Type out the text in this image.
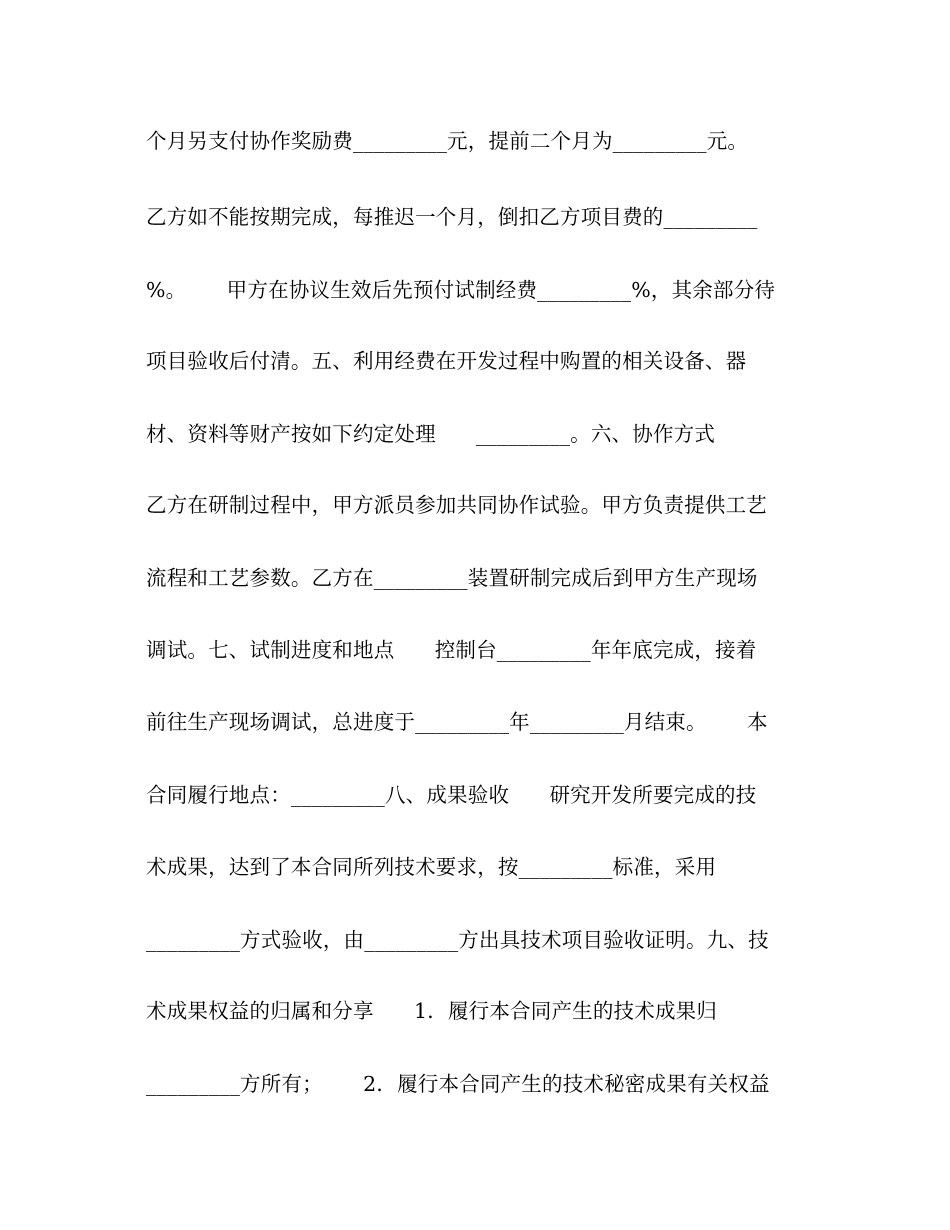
个月另支付协作奖励费_________元，提前二个月为_________元。

乙方如不能按期完成，每推迟一个月，倒扣乙方项目费的_________

%。      甲方在协议生效后先预付试制经费_________%，其余部分待

项目验收后付清。五、利用经费在开发过程中购置的相关设备、器

材、资料等财产按如下约定处理      _________。六、协作方式

乙方在研制过程中，甲方派员参加共同协作试验。甲方负责提供工艺

流程和工艺参数。乙方在_________装置研制完成后到甲方生产现场

调试。七、试制进度和地点      控制台_________年年底完成，接着

前往生产现场调试，总进度于_________年_________月结束。      本

合同履行地点：_________八、成果验收      研究开发所要完成的技

术成果，达到了本合同所列技术要求，按_________标准，采用

_________方式验收，由_________方出具技术项目验收证明。九、技

术成果权益的归属和分享      1．履行本合同产生的技术成果归

_________方所有；      2．履行本合同产生的技术秘密成果有关权益
